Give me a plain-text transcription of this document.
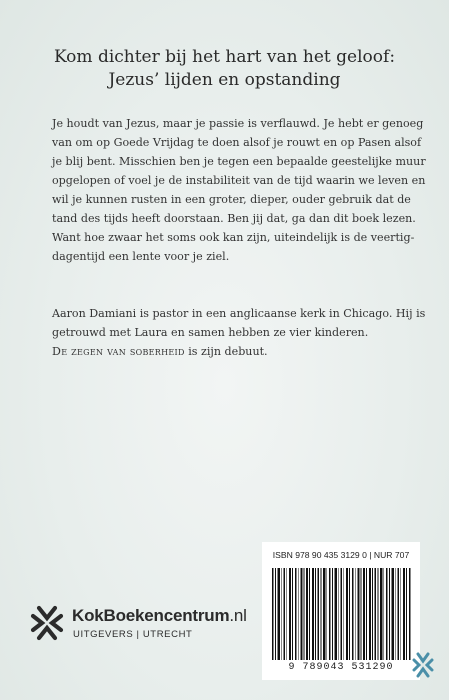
Kom dichter bij het hart van het geloof:
Jezus’ lijden en opstanding
Je houdt van Jezus, maar je passie is verflauwd. Je hebt er genoeg
van om op Goede Vrijdag te doen alsof je rouwt en op Pasen alsof
je blij bent. Misschien ben je tegen een bepaalde geestelijke muur
opgelopen of voel je de instabiliteit van de tijd waarin we leven en
wil je kunnen rusten in een groter, dieper, ouder gebruik dat de
tand des tijds heeft doorstaan. Ben jij dat, ga dan dit boek lezen.
Want hoe zwaar het soms ook kan zijn, uiteindelijk is de veertig-
dagentijd een lente voor je ziel.
Aaron Damiani is pastor in een anglicaanse kerk in Chicago. Hij is
getrouwd met Laura en samen hebben ze vier kinderen.
De zegen van soberheid is zijn debuut.
ISBN 978 90 435 3129 0 | NUR 707
9 789043 531290
KokBoekencentrum.nl
UITGEVERS | UTRECHT
